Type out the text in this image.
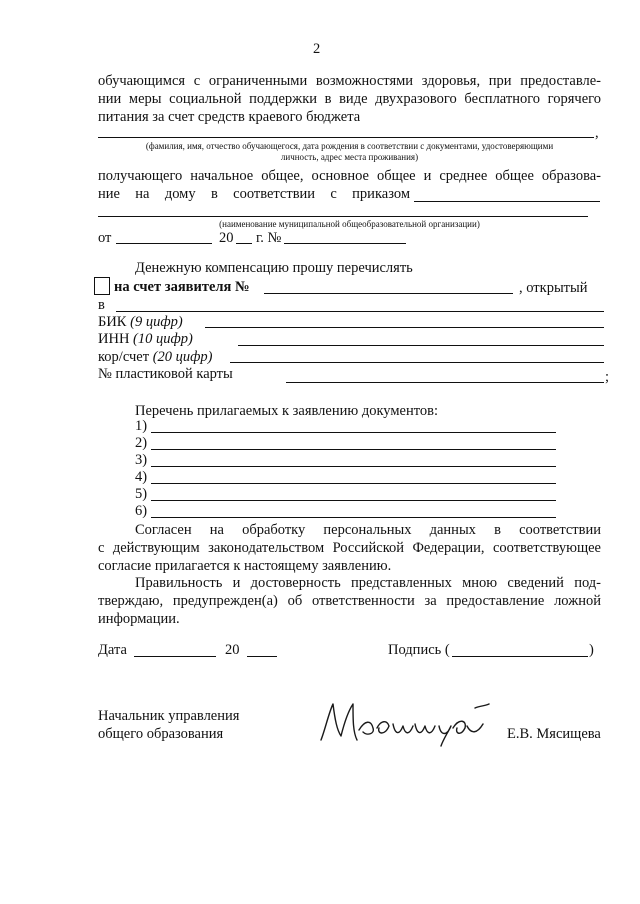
2
обучающимся с ограниченными возможностями здоровья, при предоставле-
нии меры социальной поддержки в виде двухразового бесплатного горячего
питания за счет средств краевого бюджета
,
(фамилия, имя, отчество обучающегося, дата рождения в соответствии с документами, удостоверяющими
личность, адрес места проживания)
получающего начальное общее, основное общее и среднее общее образова-
ние на дому в соответствии с приказом
(наименование муниципальной общеобразовательной организации)
от	20 г. №
Денежную компенсацию прошу перечислять
на счет заявителя №	, открытый
в
БИК (9 цифр)
ИНН (10 цифр)
кор/счет (20 цифр)
№ пластиковой карты	;
Перечень прилагаемых к заявлению документов:
1)
2)
3)
4)
5)
6)
Согласен на обработку персональных данных в соответствии
с действующим законодательством Российской Федерации, соответствующее
согласие прилагается к настоящему заявлению.
Правильность и достоверность представленных мною сведений под-
тверждаю, предупрежден(а) об ответственности за предоставление ложной
информации.
Дата	20	Подпись (	)
Начальник управления
общего образования	Е.В. Мясищева
